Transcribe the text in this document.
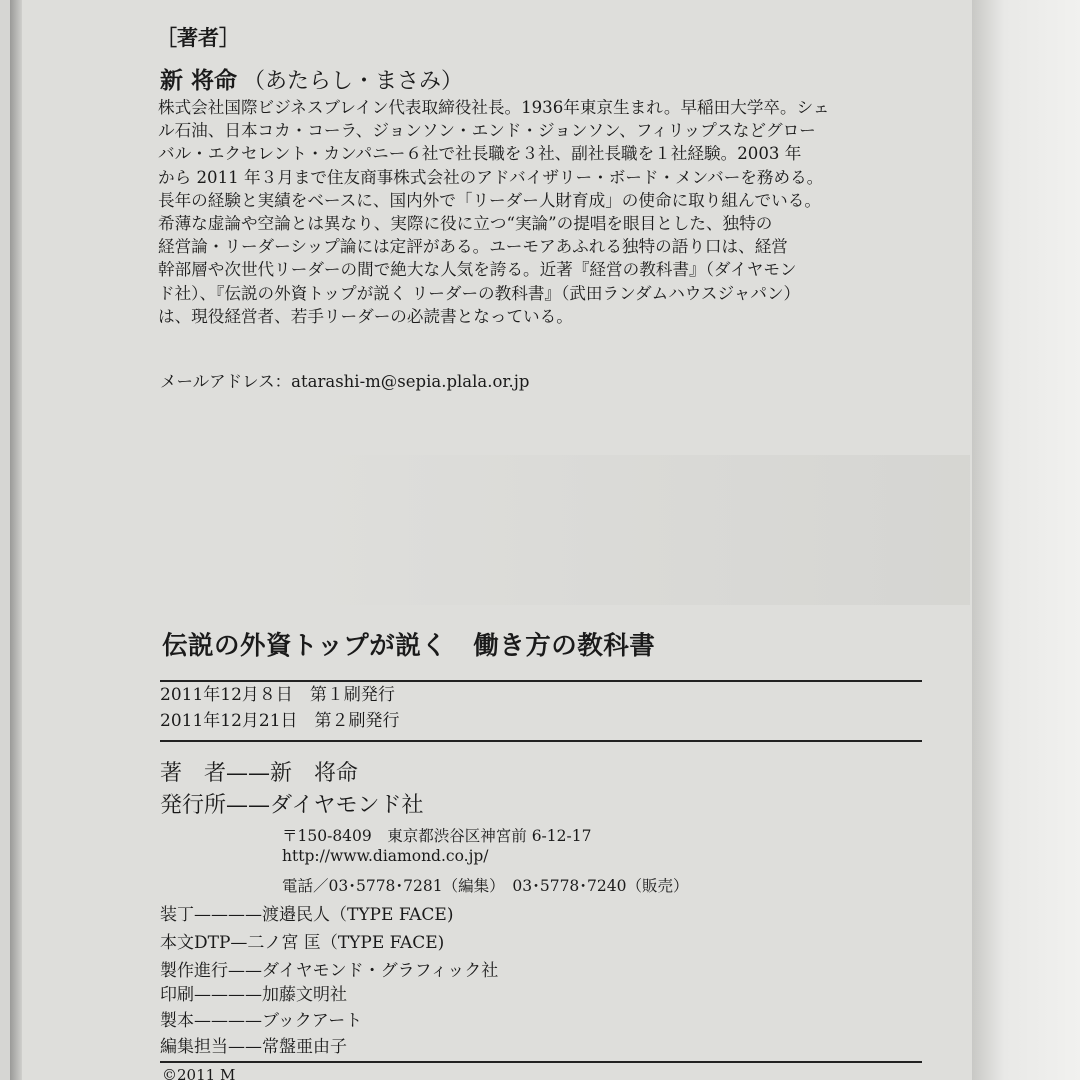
［著者］
新 将命 （あたらし・まさみ）
株式会社国際ビジネスブレイン代表取締役社長。1936年東京生まれ。早稲田大学卒。シェ
ル石油、日本コカ・コーラ、ジョンソン・エンド・ジョンソン、フィリップスなどグロー
バル・エクセレント・カンパニー６社で社長職を３社、副社長職を１社経験。2003 年
から 2011 年３月まで住友商事株式会社のアドバイザリー・ボード・メンバーを務める。
長年の経験と実績をベースに、国内外で「リーダー人財育成」の使命に取り組んでいる。
希薄な虚論や空論とは異なり、実際に役に立つ“実論”の提唱を眼目とした、独特の
経営論・リーダーシップ論には定評がある。ユーモアあふれる独特の語り口は、経営
幹部層や次世代リーダーの間で絶大な人気を誇る。近著『経営の教科書』（ダイヤモン
ド社）、『伝説の外資トップが説く リーダーの教科書』（武田ランダムハウスジャパン）
は、現役経営者、若手リーダーの必読書となっている。
メールアドレス：atarashi-m@sepia.plala.or.jp
伝説の外資トップが説く　働き方の教科書
2011年12月８日　第１刷発行
2011年12月21日　第２刷発行
著　者——新　将命
発行所——ダイヤモンド社
〒150-8409　東京都渋谷区神宮前 6-12-17
http://www.diamond.co.jp/
電話／03･5778･7281（編集）　03･5778･7240（販売）
装丁————渡邉民人（TYPE FACE)
本文DTP—二ノ宮 匡（TYPE FACE)
製作進行——ダイヤモンド・グラフィック社
印刷————加藤文明社
製本————ブックアート
編集担当——常盤亜由子
©2011 M
